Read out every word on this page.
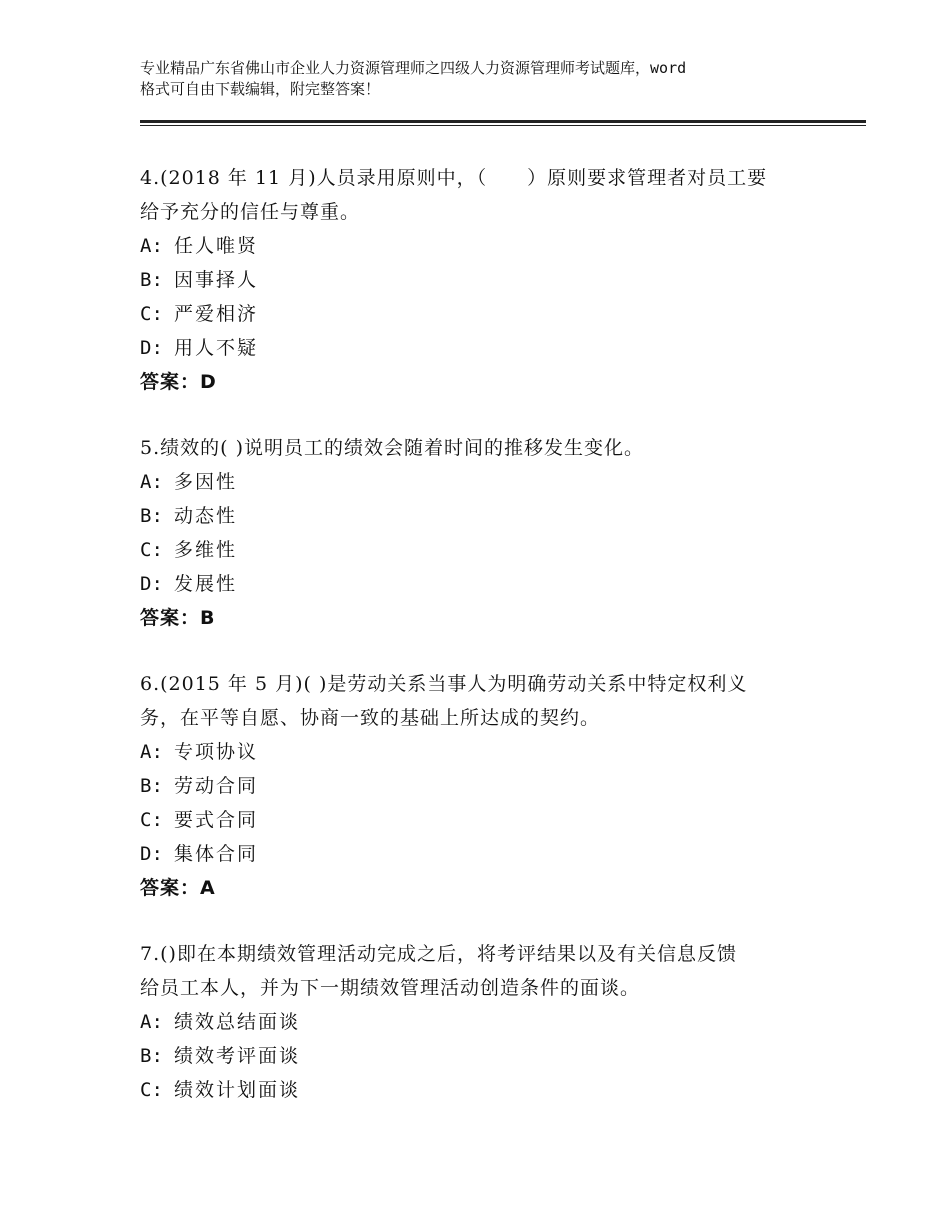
专业精品广东省佛山市企业人力资源管理师之四级人力资源管理师考试题库，word
格式可自由下载编辑，附完整答案！
4.(2018 年 11 月)人员录用原则中，（　　）原则要求管理者对员工要
给予充分的信任与尊重。
A: 任人唯贤
B: 因事择人
C: 严爱相济
D: 用人不疑
答案：D
5.绩效的( )说明员工的绩效会随着时间的推移发生变化。
A: 多因性
B: 动态性
C: 多维性
D: 发展性
答案：B
6.(2015 年 5 月)( )是劳动关系当事人为明确劳动关系中特定权利义
务，在平等自愿、协商一致的基础上所达成的契约。
A: 专项协议
B: 劳动合同
C: 要式合同
D: 集体合同
答案：A
7.()即在本期绩效管理活动完成之后，将考评结果以及有关信息反馈
给员工本人，并为下一期绩效管理活动创造条件的面谈。
A: 绩效总结面谈
B: 绩效考评面谈
C: 绩效计划面谈
